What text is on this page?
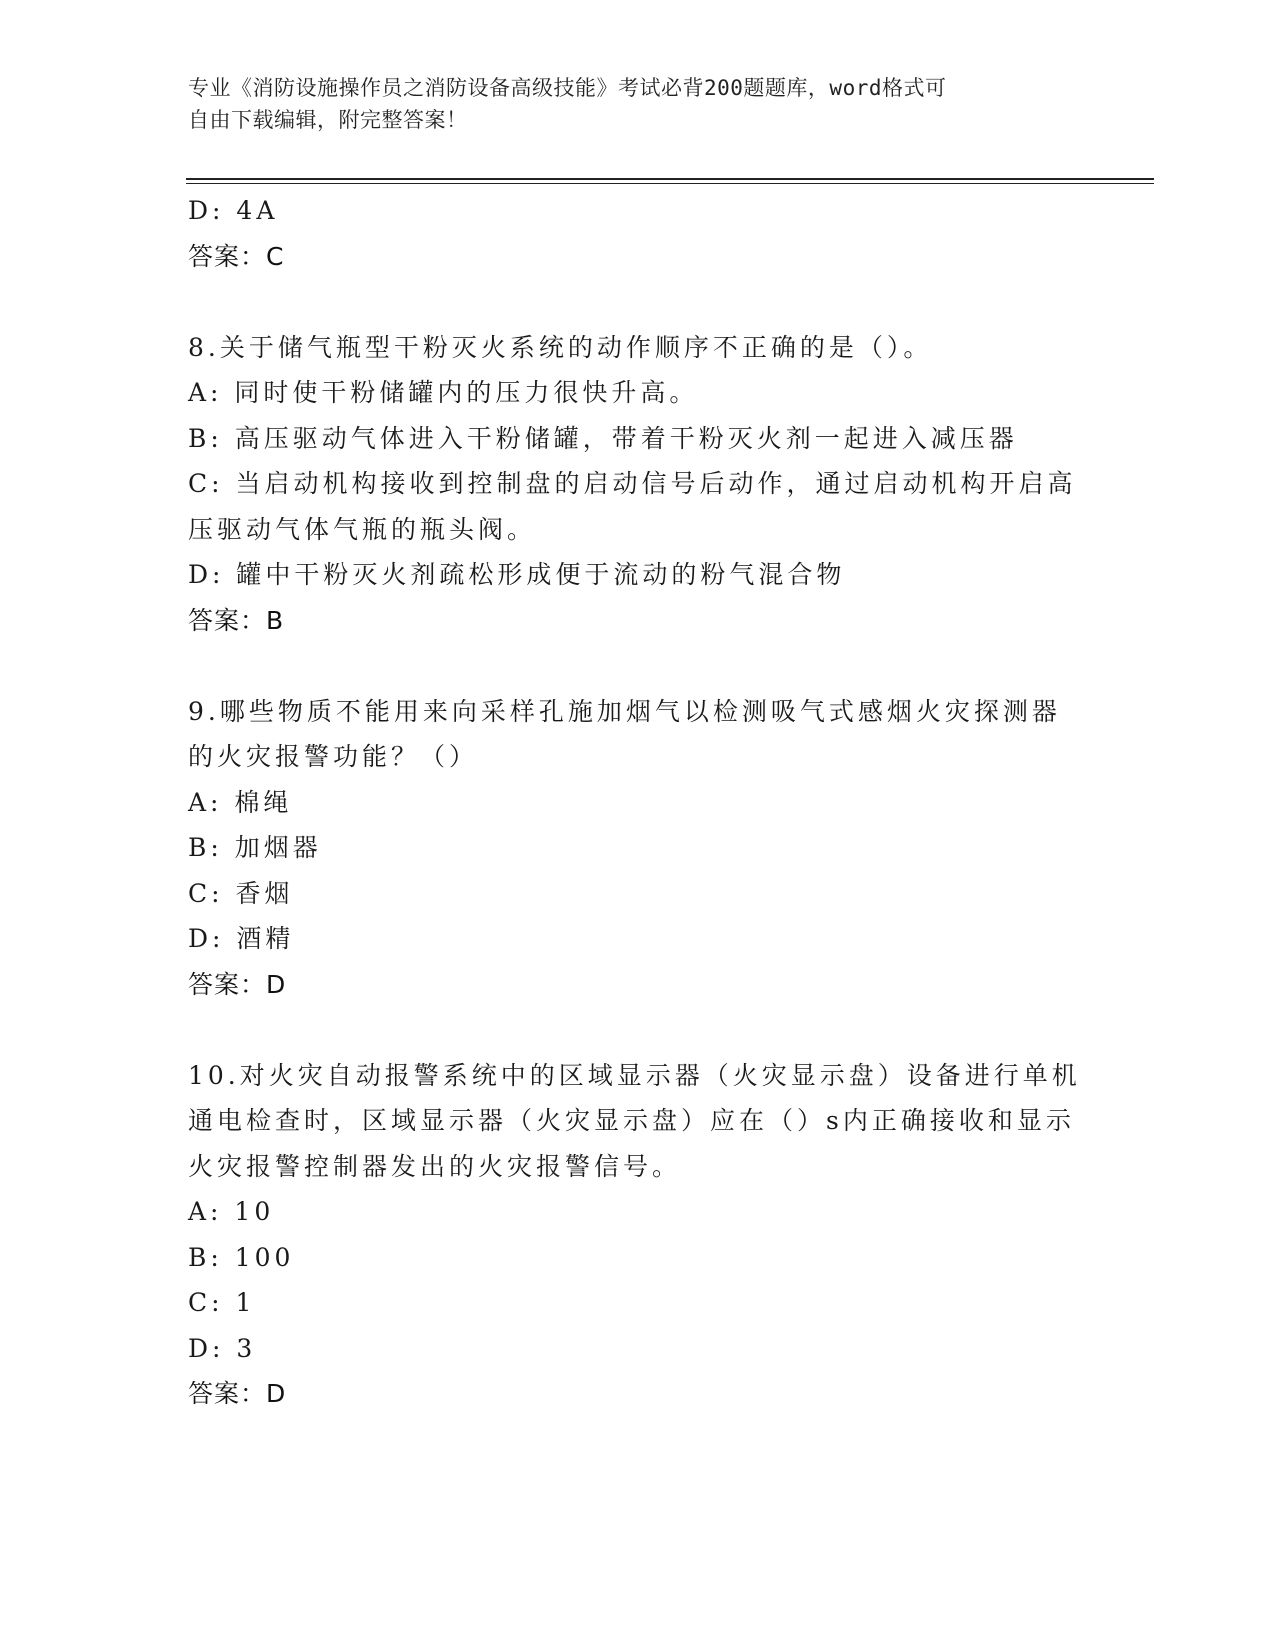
专业《消防设施操作员之消防设备高级技能》考试必背200题题库，word格式可
自由下载编辑，附完整答案！
D: 4A
答案：C
8.关于储气瓶型干粉灭火系统的动作顺序不正确的是（）。
A: 同时使干粉储罐内的压力很快升高。
B: 高压驱动气体进入干粉储罐，带着干粉灭火剂一起进入减压器
C: 当启动机构接收到控制盘的启动信号后动作，通过启动机构开启高
压驱动气体气瓶的瓶头阀。
D: 罐中干粉灭火剂疏松形成便于流动的粉气混合物
答案：B
9.哪些物质不能用来向采样孔施加烟气以检测吸气式感烟火灾探测器
的火灾报警功能？（）
A: 棉绳
B: 加烟器
C: 香烟
D: 酒精
答案：D
10.对火灾自动报警系统中的区域显示器（火灾显示盘）设备进行单机
通电检查时，区域显示器（火灾显示盘）应在（）s内正确接收和显示
火灾报警控制器发出的火灾报警信号。
A: 10
B: 100
C: 1
D: 3
答案：D
